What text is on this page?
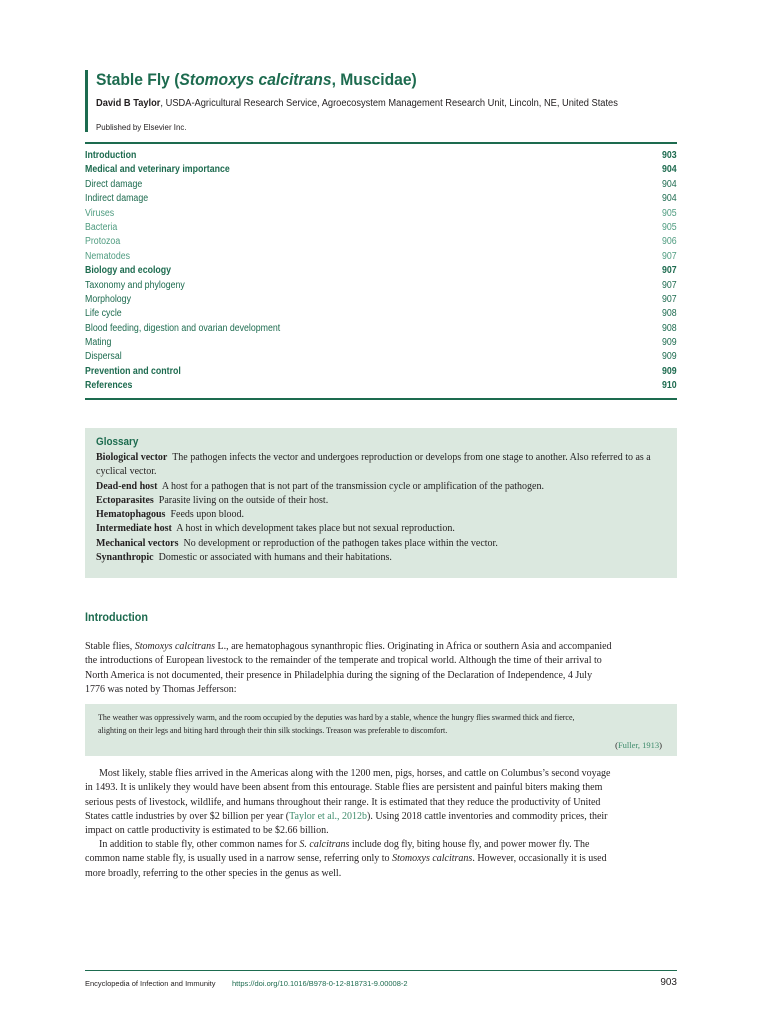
Stable Fly (Stomoxys calcitrans, Muscidae)
David B Taylor, USDA-Agricultural Research Service, Agroecosystem Management Research Unit, Lincoln, NE, United States
Published by Elsevier Inc.
Introduction	903
Medical and veterinary importance	904
Direct damage	904
Indirect damage	904
Viruses	905
Bacteria	905
Protozoa	906
Nematodes	907
Biology and ecology	907
Taxonomy and phylogeny	907
Morphology	907
Life cycle	908
Blood feeding, digestion and ovarian development	908
Mating	909
Dispersal	909
Prevention and control	909
References	910
Glossary
Biological vector The pathogen infects the vector and undergoes reproduction or develops from one stage to another. Also referred to as a cyclical vector.
Dead-end host A host for a pathogen that is not part of the transmission cycle or amplification of the pathogen.
Ectoparasites Parasite living on the outside of their host.
Hematophagous Feeds upon blood.
Intermediate host A host in which development takes place but not sexual reproduction.
Mechanical vectors No development or reproduction of the pathogen takes place within the vector.
Synanthropic Domestic or associated with humans and their habitations.
Introduction
Stable flies, Stomoxys calcitrans L., are hematophagous synanthropic flies. Originating in Africa or southern Asia and accompanied
the introductions of European livestock to the remainder of the temperate and tropical world. Although the time of their arrival to
North America is not documented, their presence in Philadelphia during the signing of the Declaration of Independence, 4 July
1776 was noted by Thomas Jefferson:
The weather was oppressively warm, and the room occupied by the deputies was hard by a stable, whence the hungry flies swarmed thick and fierce,
alighting on their legs and biting hard through their thin silk stockings. Treason was preferable to discomfort.
(Fuller, 1913)
Most likely, stable flies arrived in the Americas along with the 1200 men, pigs, horses, and cattle on Columbus’s second voyage
in 1493. It is unlikely they would have been absent from this entourage. Stable flies are persistent and painful biters making them
serious pests of livestock, wildlife, and humans throughout their range. It is estimated that they reduce the productivity of United
States cattle industries by over $2 billion per year (Taylor et al., 2012b). Using 2018 cattle inventories and commodity prices, their
impact on cattle productivity is estimated to be $2.66 billion.
In addition to stable fly, other common names for S. calcitrans include dog fly, biting house fly, and power mower fly. The
common name stable fly, is usually used in a narrow sense, referring only to Stomoxys calcitrans. However, occasionally it is used
more broadly, referring to the other species in the genus as well.
Encyclopedia of Infection and Immunity https://doi.org/10.1016/B978-0-12-818731-9.00008-2	903
